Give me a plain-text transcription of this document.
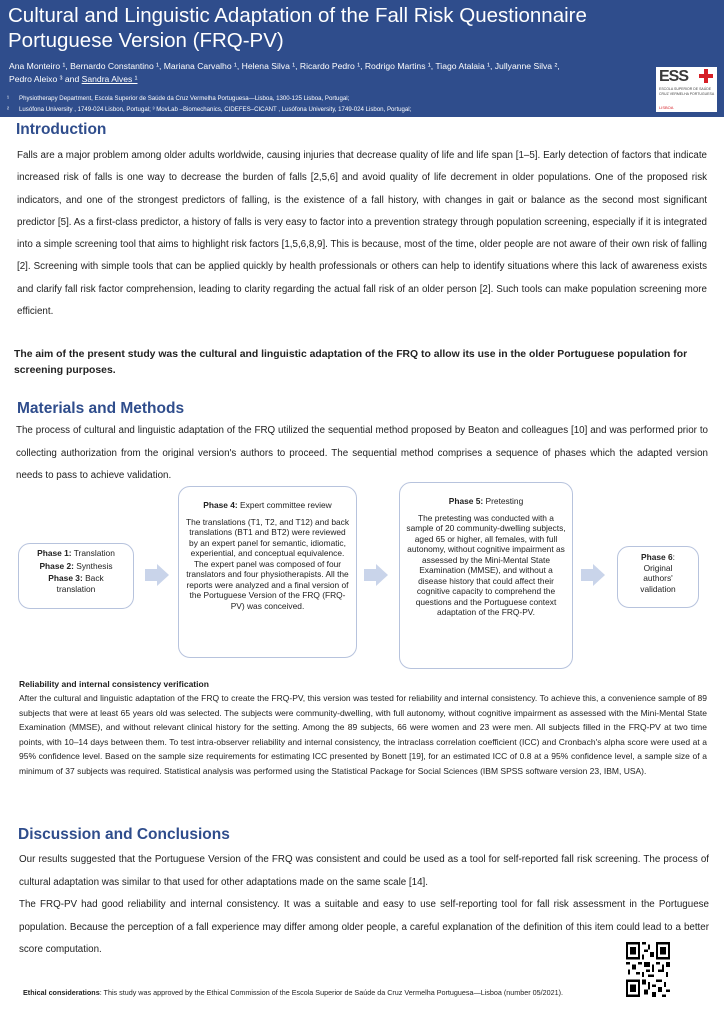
Cultural and Linguistic Adaptation of the Fall Risk Questionnaire Portuguese Version (FRQ-PV)
Ana Monteiro ¹, Bernardo Constantino ¹, Mariana Carvalho ¹, Helena Silva ¹, Ricardo Pedro ¹, Rodrigo Martins ¹, Tiago Atalaia ¹, Jullyanne Silva ²,
Pedro Aleixo ³ and Sandra Alves ¹
¹ Physiotherapy Department, Escola Superior de Saúde da Cruz Vermelha Portuguesa—Lisboa, 1300-125 Lisboa, Portugal;
² Lusófona University , 1749-024 Lisbon, Portugal; ³ MovLab –Biomechanics, CIDEFES–CICANT , Lusófona University, 1749-024 Lisbon, Portugal;
ESS
ESCOLA SUPERIOR DE SAÚDE CRUZ VERMELHA PORTUGUESA
LISBOA
Introduction

Falls are a major problem among older adults worldwide, causing injuries that decrease quality of life and life span [1–5]. Early detection of factors that indicate increased risk of falls is one way to decrease the burden of falls [2,5,6] and avoid quality of life decrement in older populations. One of the proposed risk indicators, and one of the strongest predictors of falling, is the existence of a fall history, with changes in gait or balance as the second most significant predictor [5]. As a first-class predictor, a history of falls is very easy to factor into a prevention strategy through population screening, especially if it is integrated into a simple screening tool that aims to highlight risk factors [1,5,6,8,9]. This is because, most of the time, older people are not aware of their own risk of falling [2]. Screening with simple tools that can be applied quickly by health professionals or others can help to identify situations where this lack of awareness exists and clarify fall risk factor comprehension, leading to clarity regarding the actual fall risk of an older person [2]. Such tools can make population screening more efficient.

The aim of the present study was the cultural and linguistic adaptation of the FRQ to allow its use in the older Portuguese population for screening purposes.

Materials and Methods

The process of cultural and linguistic adaptation of the FRQ utilized the sequential method proposed by Beaton and colleagues [10] and was performed prior to collecting authorization from the original version's authors to proceed. The sequential method comprises a sequence of phases which the adapted version needs to pass to achieve validation.

Phase 1: Translation
Phase 2: Synthesis
Phase 3: Back translation
Phase 4: Expert committee review
The translations (T1, T2, and T12) and back translations (BT1 and BT2) were reviewed by an expert panel for semantic, idiomatic, experiential, and conceptual equivalence. The expert panel was composed of four translators and four physiotherapists. All the reports were analyzed and a final version of the Portuguese Version of the FRQ (FRQ-PV) was conceived.
Phase 5: Pretesting
The pretesting was conducted with a sample of 20 community-dwelling subjects, aged 65 or higher, all females, with full autonomy, without cognitive impairment as assessed by the Mini-Mental State Examination (MMSE), and without a disease history that could affect their cognitive capacity to comprehend the questions and the Portuguese context adaptation of the FRQ-PV.
Phase 6: Original authors' validation
Reliability and internal consistency verification

After the cultural and linguistic adaptation of the FRQ to create the FRQ-PV, this version was tested for reliability and internal consistency. To achieve this, a convenience sample of 89 subjects that were at least 65 years old was selected. The subjects were community-dwelling, with full autonomy, without cognitive impairment as assessed with the Mini-Mental State Examination (MMSE), and without relevant clinical history for the setting. Among the 89 subjects, 66 were women and 23 were men. All subjects filled in the FRQ-PV at two time points, with 10–14 days between them. To test intra-observer reliability and internal consistency, the intraclass correlation coefficient (ICC) and Cronbach's alpha score were used at a 95% confidence level. Based on the sample size requirements for estimating ICC presented by Bonett [19], for an estimated ICC of 0.8 at a 95% confidence level, a sample size of a minimum of 37 subjects was required. Statistical analysis was performed using the Statistical Package for Social Sciences (IBM SPSS software version 23, IBM, USA).

Discussion and Conclusions

Our results suggested that the Portuguese Version of the FRQ was consistent and could be used as a tool for self-reported fall risk screening. The process of cultural adaptation was similar to that used for other adaptations made on the same scale [14].

The FRQ-PV had good reliability and internal consistency. It was a suitable and easy to use self-reporting tool for fall risk assessment in the Portuguese population. Because the perception of a fall experience may differ among older people, a careful explanation of the definition of this item could lead to a better score computation.

Ethical considerations: This study was approved by the Ethical Commission of the Escola Superior de Saúde da Cruz Vermelha Portuguesa—Lisboa (number 05/2021).
